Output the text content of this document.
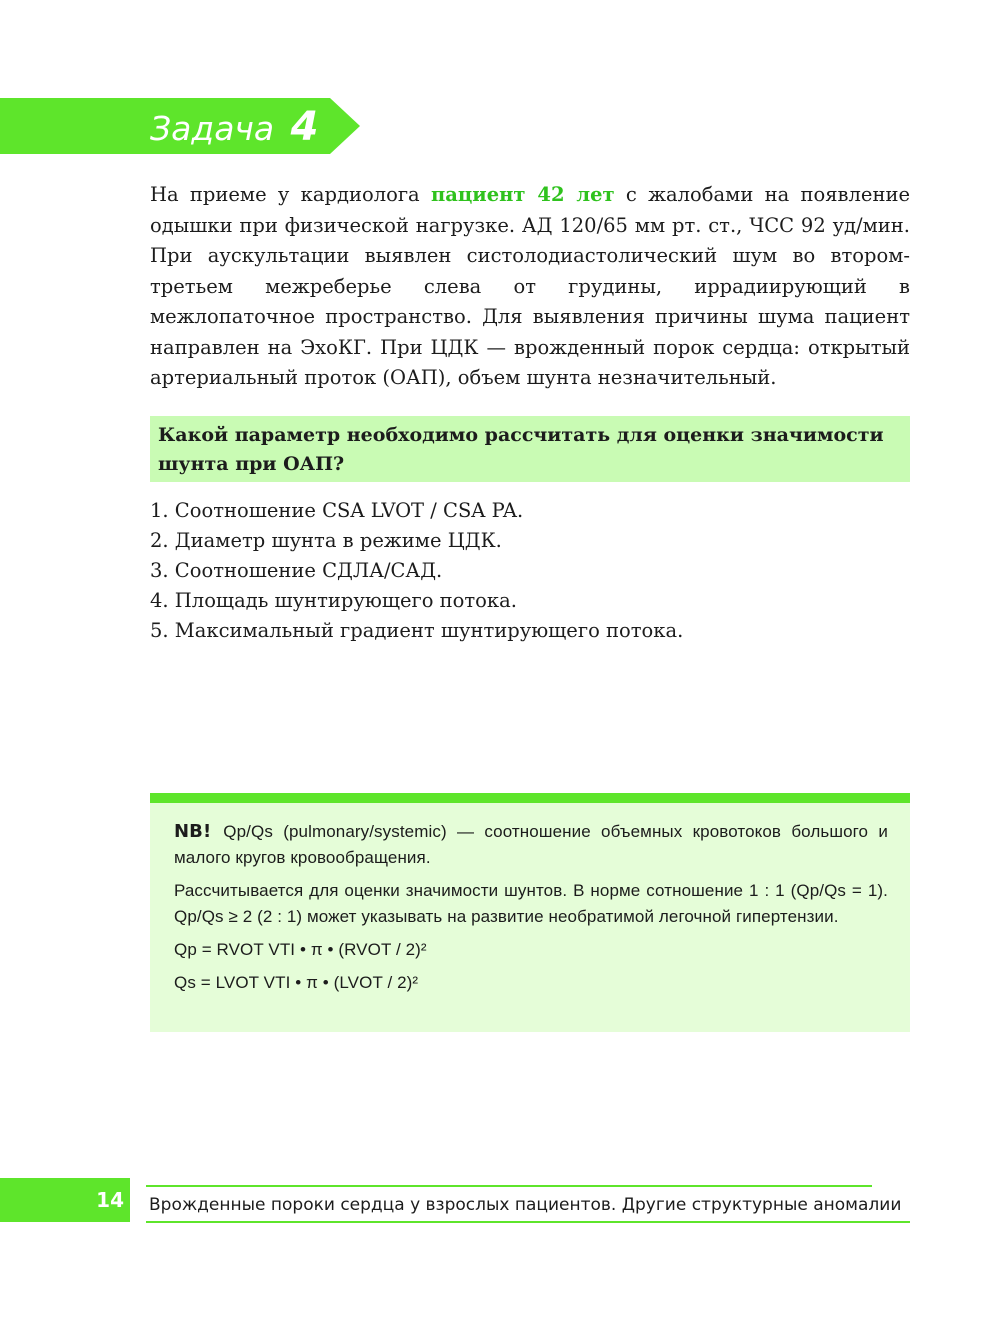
Задача 4

На приеме у кардиолога пациент 42 лет с жалобами на появление одышки при физической нагрузке. АД 120/65 мм рт. ст., ЧСС 92 уд/мин. При аускультации выявлен систолодиастолический шум во втором-третьем межреберье слева от грудины, иррадиирующий в межлопаточное пространство. Для выявления причины шума пациент направлен на ЭхоКГ. При ЦДК — врожденный порок сердца: открытый артериальный проток (ОАП), объем шунта незначительный.

Какой параметр необходимо рассчитать для оценки значимости шунта при ОАП?

1. Соотношение CSA LVOT / CSA PA.
2. Диаметр шунта в режиме ЦДК.
3. Соотношение СДЛА/САД.
4. Площадь шунтирующего потока.
5. Максимальный градиент шунтирующего потока.

NB! Qp/Qs (pulmonary/systemic) — соотношение объемных кровотоков большого и малого кругов кровообращения.

Рассчитывается для оценки значимости шунтов. В норме сотношение 1 : 1 (Qp/Qs = 1). Qp/Qs ≥ 2 (2 : 1) может указывать на развитие необратимой легочной гипертензии.

Qp = RVOT VTI • π • (RVOT / 2)²

Qs = LVOT VTI • π • (LVOT / 2)²

14 Врожденные пороки сердца у взрослых пациентов. Другие структурные аномалии
